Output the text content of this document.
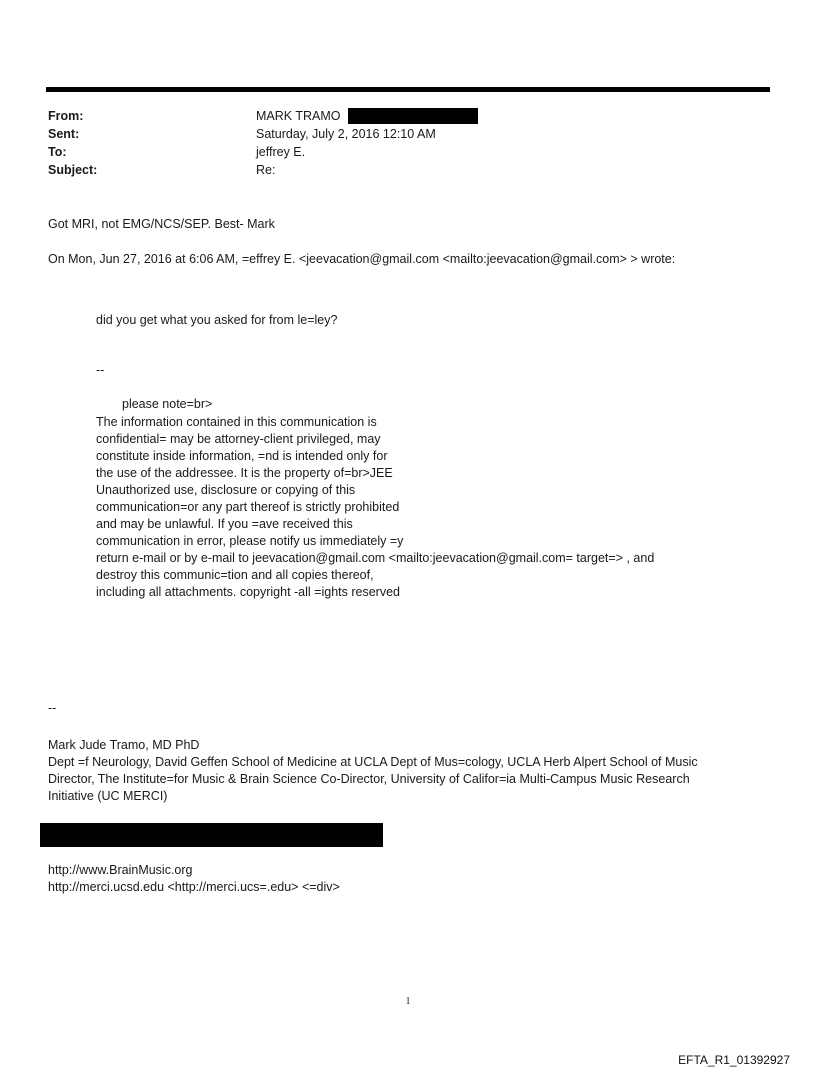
From:	MARK TRAMO
Sent:	Saturday, July 2, 2016 12:10 AM
To:	jeffrey E.
Subject:	Re:
Got MRI, not EMG/NCS/SEP. Best- Mark
On Mon, Jun 27, 2016 at 6:06 AM, =effrey E. <jeevacation@gmail.com <mailto:jeevacation@gmail.com> > wrote:
did you get what you asked for from le=ley?
--
please note=br>
The information contained in this communication is
confidential= may be attorney-client privileged, may
constitute inside information, =nd is intended only for
the use of the addressee. It is the property of=br>JEE
Unauthorized use, disclosure or copying of this
communication=or any part thereof is strictly prohibited
and may be unlawful. If you =ave received this
communication in error, please notify us immediately =y
return e-mail or by e-mail to jeevacation@gmail.com <mailto:jeevacation@gmail.com= target=> , and
destroy this communic=tion and all copies thereof,
including all attachments. copyright -all =ights reserved
--
Mark Jude Tramo, MD PhD
Dept =f Neurology, David Geffen School of Medicine at UCLA Dept of Mus=cology, UCLA Herb Alpert School of Music
Director, The Institute=for Music & Brain Science Co-Director, University of Califor=ia Multi-Campus Music Research
Initiative (UC MERCI)
http://www.BrainMusic.org
http://merci.ucsd.edu <http://merci.ucs=.edu> <=div>
1
EFTA_R1_01392927
